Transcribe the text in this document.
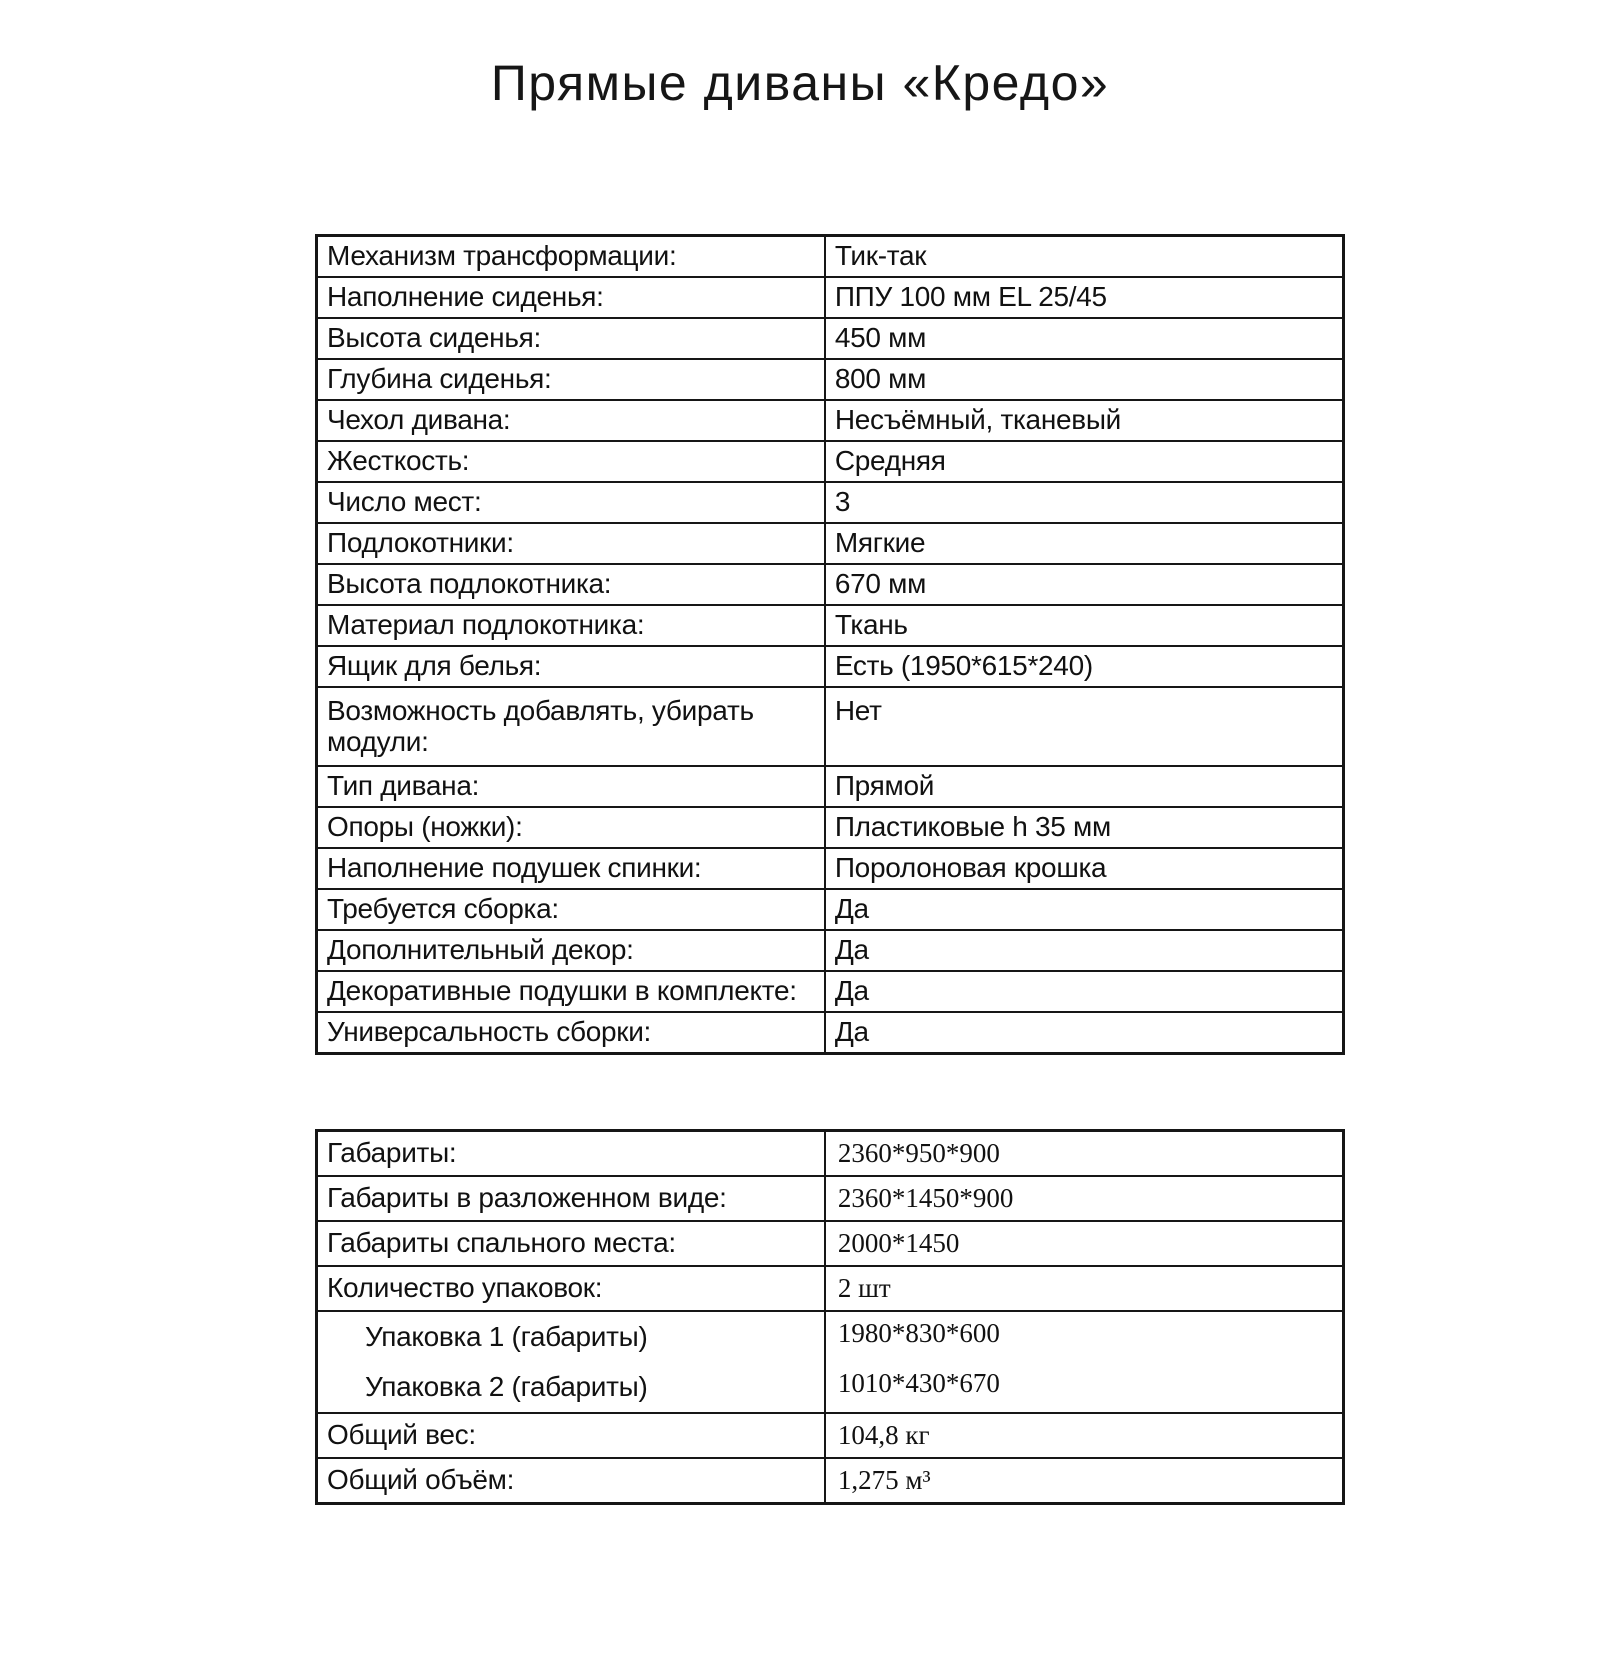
Прямые диваны «Кредо»
Механизм трансформации:	Тик-так
Наполнение сиденья:	ППУ 100 мм EL 25/45
Высота сиденья:	450 мм
Глубина сиденья:	800 мм
Чехол дивана:	Несъёмный, тканевый
Жесткость:	Средняя
Число мест:	3
Подлокотники:	Мягкие
Высота подлокотника:	670 мм
Материал подлокотника:	Ткань
Ящик для белья:	Есть (1950*615*240)
Возможность добавлять, убирать модули:	Нет
Тип дивана:	Прямой
Опоры (ножки):	Пластиковые h 35 мм
Наполнение подушек спинки:	Поролоновая крошка
Требуется сборка:	Да
Дополнительный декор:	Да
Декоративные подушки в комплекте:	Да
Универсальность сборки:	Да
Габариты:	2360*950*900
Габариты в разложенном виде:	2360*1450*900
Габариты спального места:	2000*1450
Количество упаковок:	2 шт
Упаковка 1 (габариты)	1980*830*600
Упаковка 2 (габариты)	1010*430*670
Общий вес:	104,8 кг
Общий объём:	1,275 м³
